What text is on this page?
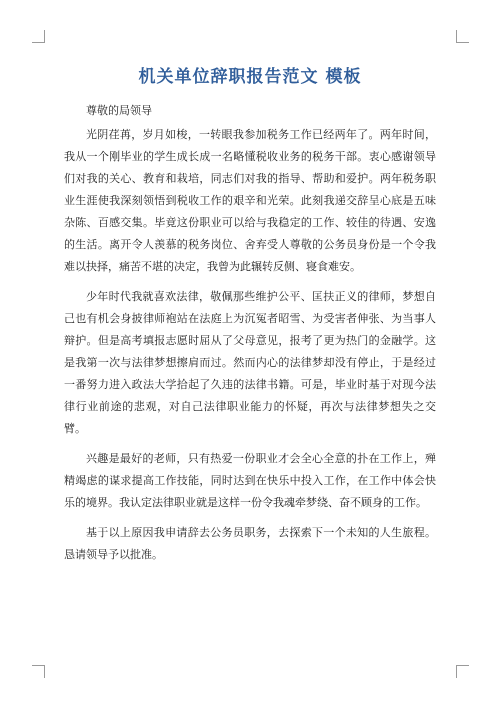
机关单位辞职报告范文 模板

尊敬的局领导

光阴荏苒，岁月如梭，一转眼我参加税务工作已经两年了。两年时间，我从一个刚毕业的学生成长成一名略懂税收业务的税务干部。衷心感谢领导们对我的关心、教育和栽培，同志们对我的指导、帮助和爱护。两年税务职业生涯使我深刻领悟到税收工作的艰辛和光荣。此刻我递交辞呈心底是五味杂陈、百感交集。毕竟这份职业可以给与我稳定的工作、较佳的待遇、安逸的生活。离开令人羡慕的税务岗位、舍弃受人尊敬的公务员身份是一个令我难以抉择，痛苦不堪的决定，我曾为此辗转反侧、寝食难安。

少年时代我就喜欢法律，敬佩那些维护公平、匡扶正义的律师，梦想自己也有机会身披律师袍站在法庭上为沉冤者昭雪、为受害者伸张、为当事人辩护。但是高考填报志愿时屈从了父母意见，报考了更为热门的金融学。这是我第一次与法律梦想擦肩而过。然而内心的法律梦却没有停止，于是经过一番努力进入政法大学拾起了久违的法律书籍。可是，毕业时基于对现今法律行业前途的悲观，对自己法律职业能力的怀疑，再次与法律梦想失之交臂。

兴趣是最好的老师，只有热爱一份职业才会全心全意的扑在工作上，殚精竭虑的谋求提高工作技能，同时达到在快乐中投入工作，在工作中体会快乐的境界。我认定法律职业就是这样一份令我魂牵梦绕、奋不顾身的工作。

基于以上原因我申请辞去公务员职务，去探索下一个未知的人生旅程。恳请领导予以批准。
